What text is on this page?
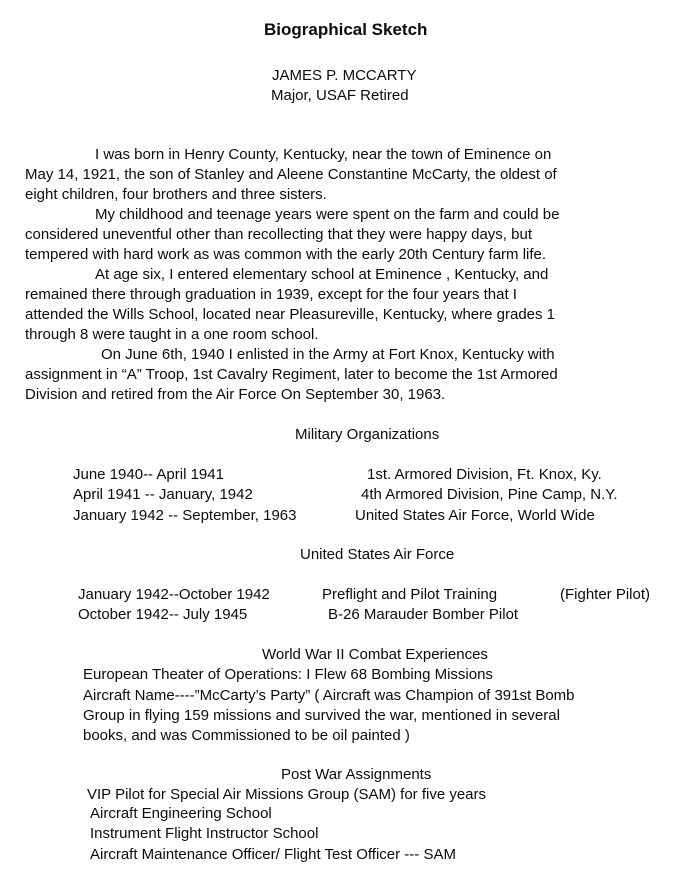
Biographical Sketch
JAMES P. MCCARTY
Major, USAF Retired

I was born in Henry County, Kentucky, near the town of Eminence on

May 14, 1921, the son of Stanley and Aleene Constantine McCarty, the oldest of

eight children, four brothers and three sisters.

My childhood and teenage years were spent on the farm and could be

considered uneventful other than recollecting that they were happy days, but

tempered with hard work as was common with the early 20th Century farm life.

At age six, I entered elementary school at Eminence , Kentucky, and

remained there through graduation in 1939, except for the four years that I

attended the Wills School, located near Pleasureville, Kentucky, where grades 1

through 8 were taught in a one room school.

On June 6th, 1940 I enlisted in the Army at Fort Knox, Kentucky with

assignment in “A” Troop, 1st Cavalry Regiment, later to become the 1st Armored

Division and retired from the Air Force On September 30, 1963.

Military Organizations
June 1940-- April 1941	1st. Armored Division, Ft. Knox, Ky.
April 1941 -- January, 1942	4th Armored Division, Pine Camp, N.Y.
January 1942 -- September, 1963	United States Air Force, World Wide
United States Air Force
January 1942--October 1942	Preflight and Pilot Training	(Fighter Pilot)
October 1942-- July 1945	B-26 Marauder Bomber Pilot
World War II Combat Experiences
European Theater of Operations: I Flew 68 Bombing Missions
Aircraft Name----”McCarty’s Party” ( Aircraft was Champion of 391st Bomb
Group in flying 159 missions and survived the war, mentioned in several
books, and was Commissioned to be oil painted )
Post War Assignments
VIP Pilot for Special Air Missions Group (SAM) for five years
Aircraft Engineering School
Instrument Flight Instructor School
Aircraft Maintenance Officer/ Flight Test Officer --- SAM
